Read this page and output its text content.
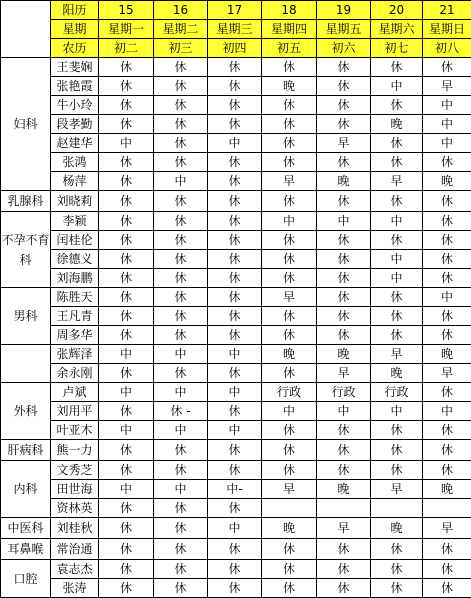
	阳历	15	16	17	18	19	20	21
	星期	星期一	星期二	星期三	星期四	星期五	星期六	星期日
	农历	初二	初三	初四	初五	初六	初七	初八
妇科	王斐娴	休	休	休	休	休	休	休
	张艳霞	休	休	休	晚	休	中	早
	牛小玲	休	休	休	休	休	休	中
	段孝勤	休	休	休	休	休	晚	中
	赵建华	中	休	中	休	早	休	中
	张鸿	休	休	休	休	休	休	休
	杨萍	休	中	休	早	晚	早	晚
乳腺科	刘晓莉	休	休	休	休	休	休	休
不孕不育科	李颖	休	休	休	中	中	中	休
	闰桂伦	休	休	休	休	休	休	休
	徐德义	休	休	休	休	休	中	休
	刘海鹏	休	休	休	休	休	中	休
男科	陈胜天	休	休	休	早	休	休	中
	王凡青	休	休	休	休	休	休	休
	周多华	休	休	休	休	休	休	休
	张辉泽	中	中	中	晚	晚	早	晚
	余永刚	休	休	休	休	早	晚	早
外科	卢斌	中	中	中	行政	行政	行政	休
	刘用平	休	休 -	休	中	中	中	中
	叶亚木	中	中	中	休	休	休	休
肝病科	熊一力	休	休	休	休	休	休	休
内科	文秀芝	休	休	休	休	休	休	休
	田世海	中	中	中-	早	晚	早	晚
	资林英	休	休	休				
中医科	刘桂秋	休	休	中	晚	早	晚	早
耳鼻喉	常治通	休	休	休	休	休	休	休
口腔	袁志杰	休	休	休	休	休	休	休
	张涛	休	休	休	休	休	休	休
